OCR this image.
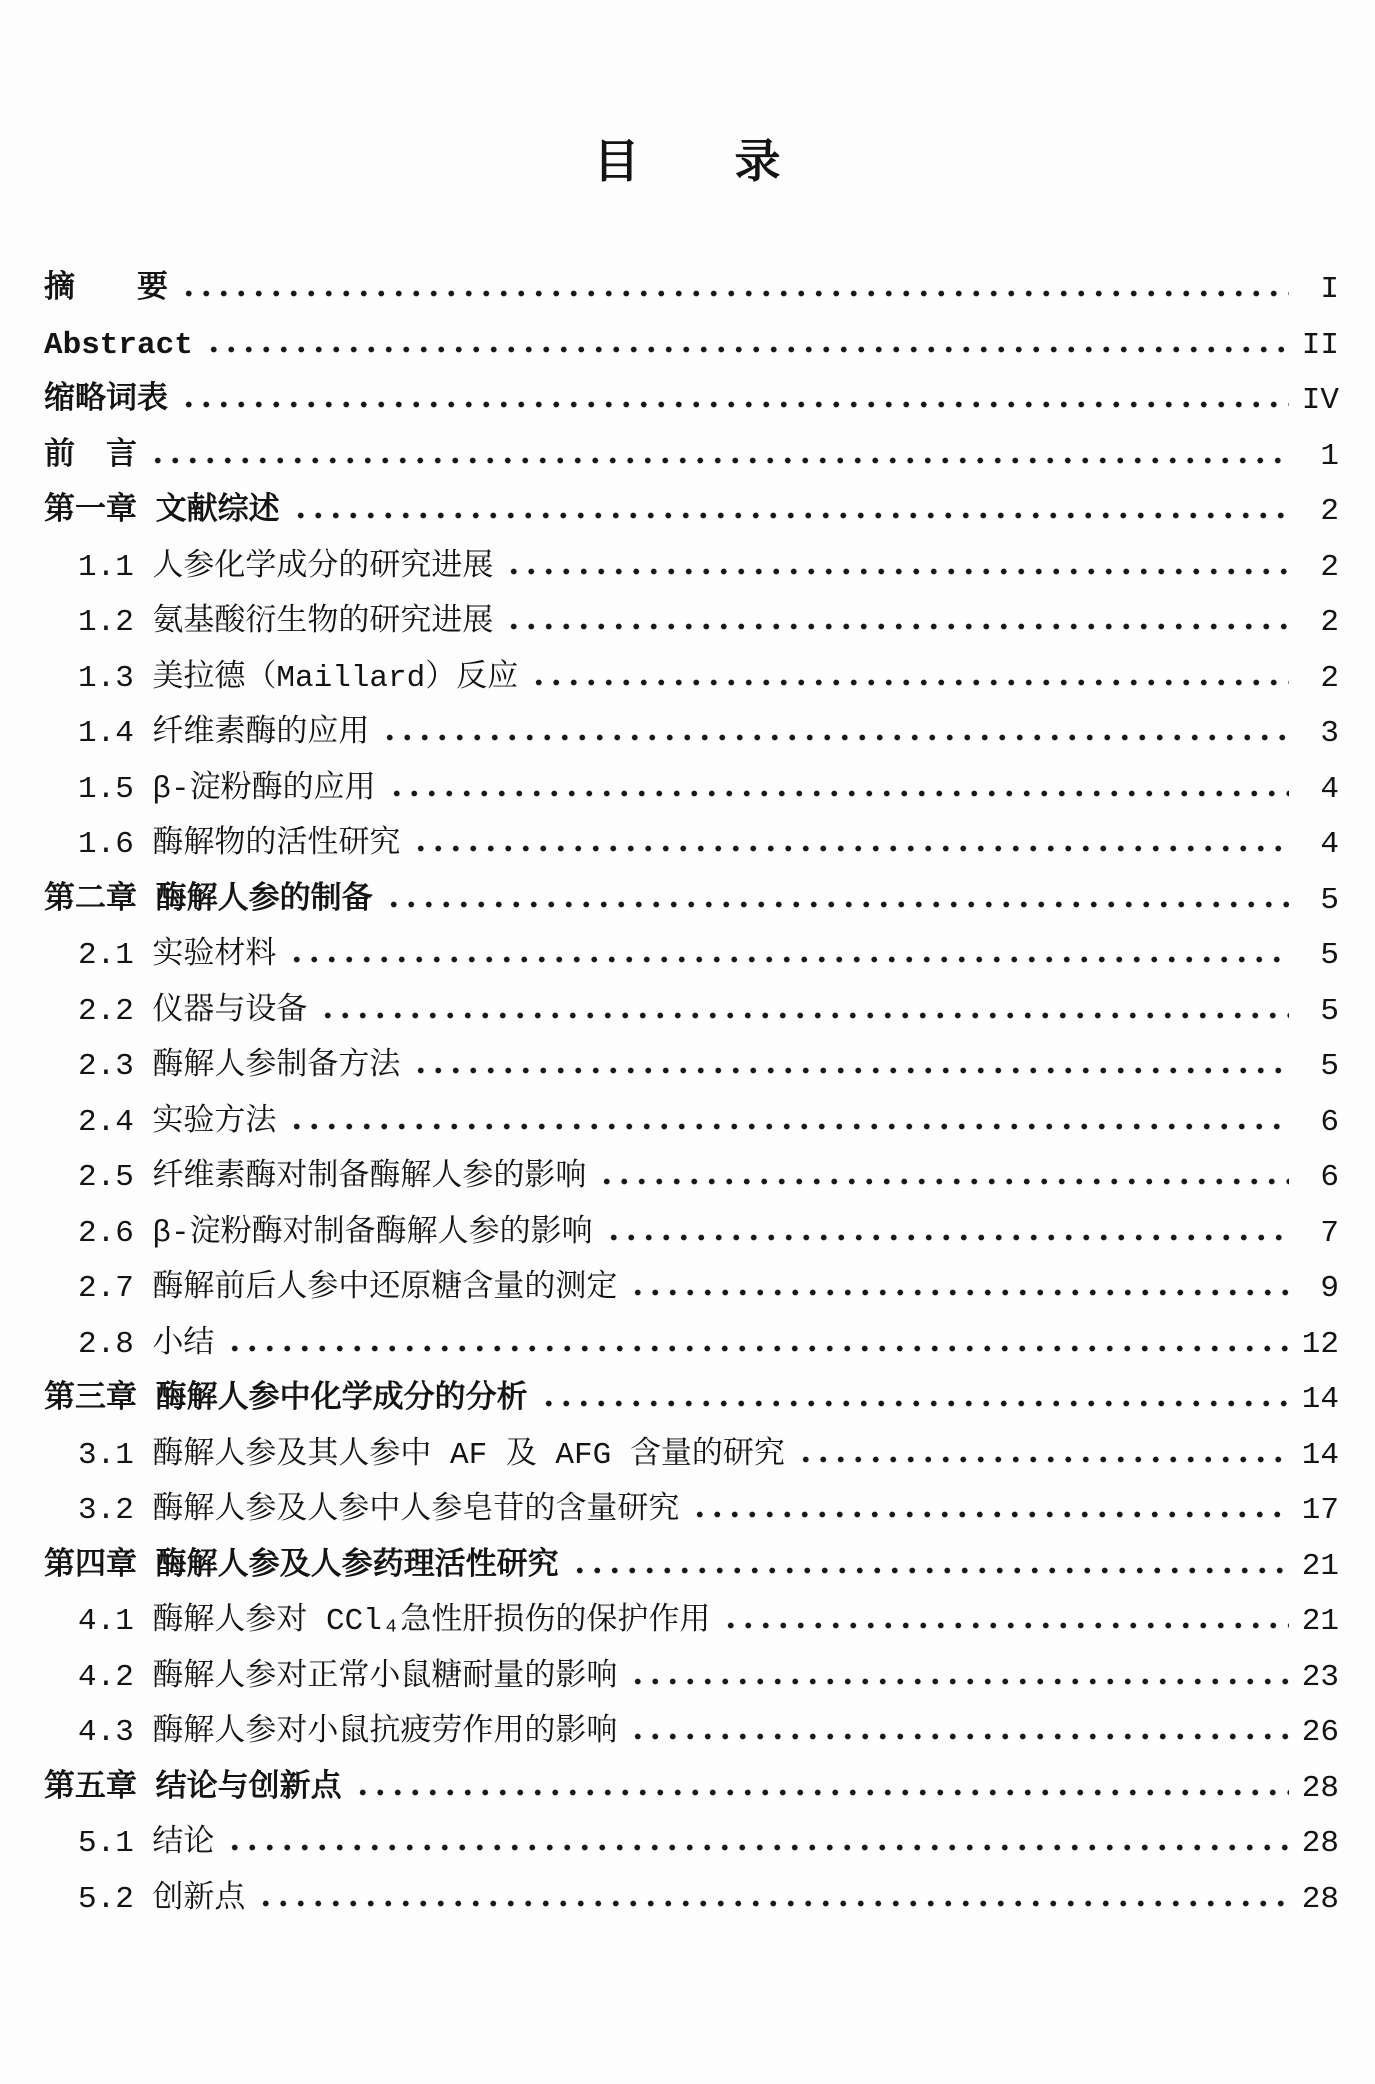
目　　录
摘　　要	I
Abstract	II
缩略词表	IV
前　言	1
第一章 文献综述	2
1.1 人参化学成分的研究进展	2
1.2 氨基酸衍生物的研究进展	2
1.3 美拉德（Maillard）反应	2
1.4 纤维素酶的应用	3
1.5 β-淀粉酶的应用	4
1.6 酶解物的活性研究	4
第二章 酶解人参的制备	5
2.1 实验材料	5
2.2 仪器与设备	5
2.3 酶解人参制备方法	5
2.4 实验方法	6
2.5 纤维素酶对制备酶解人参的影响	6
2.6 β-淀粉酶对制备酶解人参的影响	7
2.7 酶解前后人参中还原糖含量的测定	9
2.8 小结	12
第三章 酶解人参中化学成分的分析	14
3.1 酶解人参及其人参中 AF 及 AFG 含量的研究	14
3.2 酶解人参及人参中人参皂苷的含量研究	17
第四章 酶解人参及人参药理活性研究	21
4.1 酶解人参对 CCl₄急性肝损伤的保护作用	21
4.2 酶解人参对正常小鼠糖耐量的影响	23
4.3 酶解人参对小鼠抗疲劳作用的影响	26
第五章 结论与创新点	28
5.1 结论	28
5.2 创新点	28
